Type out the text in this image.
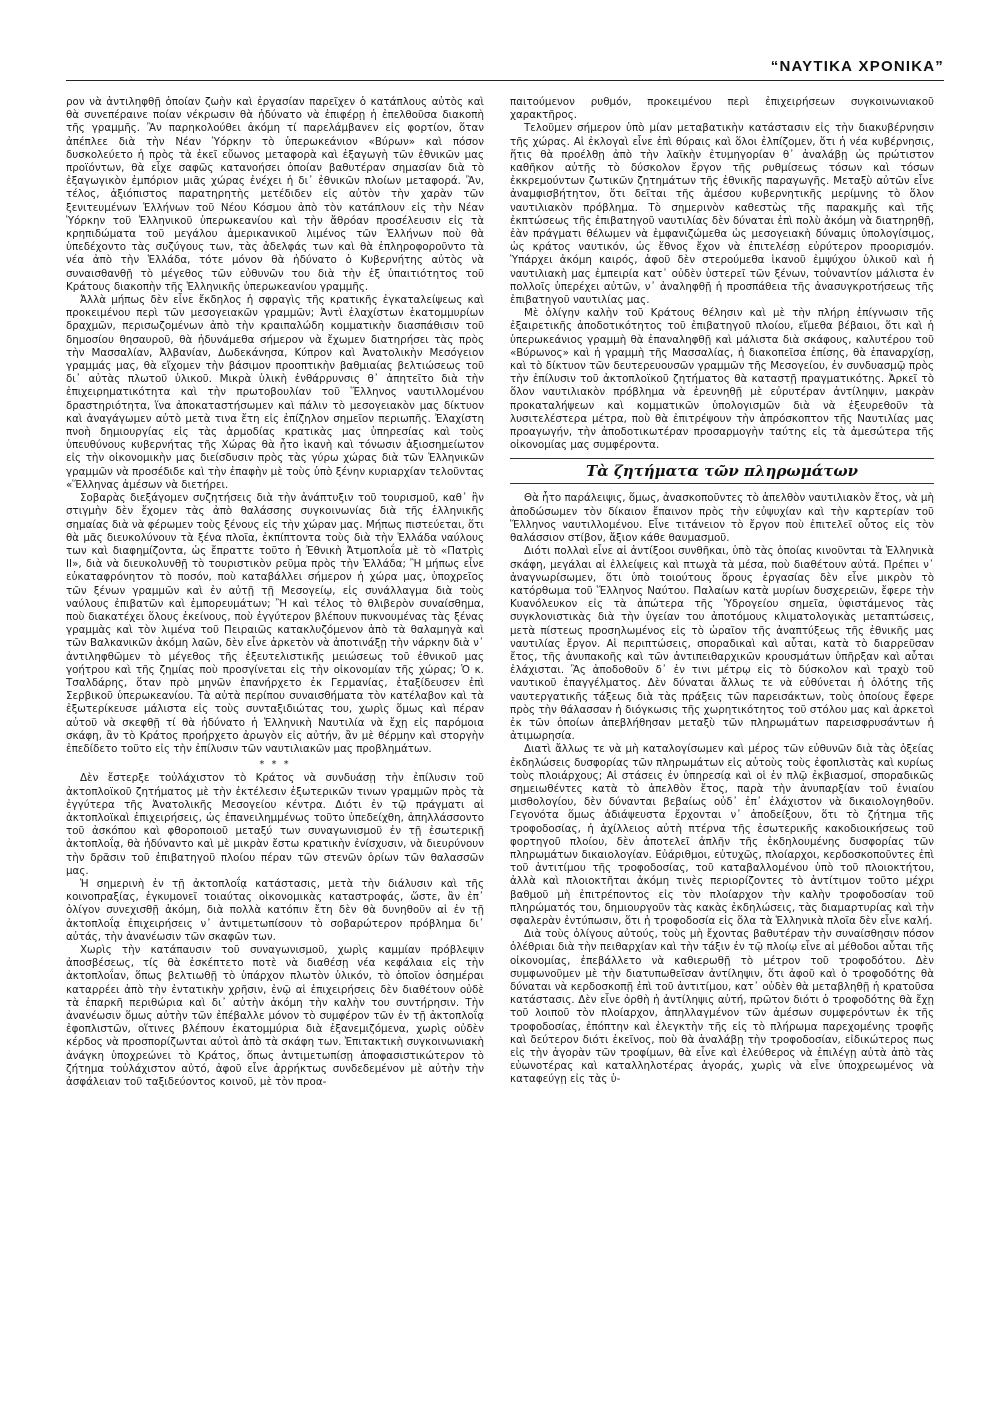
“ΝΑΥΤΙΚΑ ΧΡΟΝΙΚΑ”

ρον νὰ ἀντιληφθῇ ὁποίαν ζωὴν καὶ ἐργασίαν παρεῖχεν ὁ κατάπλους αὐτὸς καὶ θὰ συνεπέραινε ποίαν νέκρωσιν θὰ ἠδύνατο νὰ ἐπιφέρῃ ἡ ἐπελθοῦσα διακοπὴ τῆς γραμμῆς. Ἂν παρηκολούθει ἀκόμη τί παρελάμβανεν εἰς φορτίον, ὅταν ἀπέπλεε διὰ τὴν Νέαν Ὑόρκην τὸ ὑπερωκεάνιον «Βύρων» καὶ πόσον δυσκολεύετο ἡ πρὸς τὰ ἐκεῖ εὔωνος μεταφορὰ καὶ ἐξαγωγὴ τῶν ἐθνικῶν μας προϊόντων, θὰ εἶχε σαφῶς κατανοήσει ὁποίαν βαθυτέραν σημασίαν διὰ τὸ ἐξαγωγικὸν ἐμπόριον μιᾶς χώρας ἐνέχει ἡ δι᾽ ἐθνικῶν πλοίων μεταφορά. Ἂν, τέλος, ἀξιόπιστος παρατηρητὴς μετέδιδεν εἰς αὐτὸν τὴν χαρὰν τῶν ξενιτευμένων Ἑλλήνων τοῦ Νέου Κόσμου ἀπὸ τὸν κατάπλουν εἰς τὴν Νέαν Ὑόρκην τοῦ Ἑλληνικοῦ ὑπερωκεανίου καὶ τὴν ἄθρόαν προσέλευσιν εἰς τὰ κρηπιδώματα τοῦ μεγάλου ἀμερικανικοῦ λιμένος τῶν Ἑλλήνων ποὺ θὰ ὑπεδέχοντο τὰς συζύγους των, τὰς ἀδελφάς των καὶ θὰ ἐπληροφοροῦντο τὰ νέα ἀπὸ τὴν Ἑλλάδα, τότε μόνον θὰ ἠδύνατο ὁ Κυβερνήτης αὐτὸς νὰ συναισθανθῇ τὸ μέγεθος τῶν εὐθυνῶν του διὰ τὴν ἐξ ὑπαιτιότητος τοῦ Κράτους διακοπὴν τῆς Ἑλληνικῆς ὑπερωκεανίου γραμμῆς.

Ἀλλὰ μήπως δὲν εἶνε ἔκδηλος ἡ σφραγὶς τῆς κρατικῆς ἐγκαταλείψεως καὶ προκειμένου περὶ τῶν μεσογειακῶν γραμμῶν; Ἀντὶ ἐλαχίστων ἑκατομμυρίων δραχμῶν, περισωζομένων ἀπὸ τὴν κραιπαλώδη κομματικὴν διασπάθισιν τοῦ δημοσίου θησαυροῦ, θὰ ἠδυνάμεθα σήμερον νὰ ἔχωμεν διατηρήσει τὰς πρὸς τὴν Μασσαλίαν, Ἀλβανίαν, Δωδεκάνησα, Κύπρον καὶ Ἀνατολικὴν Μεσόγειον γραμμάς μας, θὰ εἴχομεν τὴν βάσιμον προοπτικὴν βαθμιαίας βελτιώσεως τοῦ δι᾽ αὐτὰς πλωτοῦ ὑλικοῦ. Μικρὰ ὑλικὴ ἐνθάρρυνσις θ᾽ ἀπητεῖτο διὰ τὴν ἐπιχειρηματικότητα καὶ τὴν πρωτοβουλίαν τοῦ Ἕλληνος ναυτιλλομένου δραστηριότητα, ἵνα ἀποκαταστήσωμεν καὶ πάλιν τὸ μεσογειακὸν μας δίκτυον καὶ ἀναγάγωμεν αὐτὸ μετὰ τινα ἔτη εἰς ἐπίζηλον σημεῖον περιωπῆς. Ἐλαχίστη πνοὴ δημιουργίας εἰς τὰς ἁρμοδίας κρατικὰς μας ὑπηρεσίας καὶ τοὺς ὑπευθύνους κυβερνήτας τῆς Χώρας θὰ ἦτο ἱκανὴ καὶ τόνωσιν ἀξιοσημείωτον εἰς τὴν οἰκονομικὴν μας διείσδυσιν πρὸς τὰς γύρω χώρας διὰ τῶν Ἑλληνικῶν γραμμῶν νὰ προσέδιδε καὶ τὴν ἐπαφὴν μὲ τοὺς ὑπὸ ξένην κυριαρχίαν τελοῦντας «Ἕλληνας ἀμέσων νὰ διετήρει.

Σοβαρὰς διεξάγομεν συζητήσεις διὰ τὴν ἀνάπτυξιν τοῦ τουρισμοῦ, καθ᾽ ἣν στιγμὴν δὲν ἔχομεν τὰς ἀπὸ θαλάσσης συγκοινωνίας διὰ τῆς ἑλληνικῆς σημαίας διὰ νὰ φέρωμεν τοὺς ξένους εἰς τὴν χώραν μας. Μήπως πιστεύεται, ὅτι θὰ μᾶς διευκολύνουν τὰ ξένα πλοῖα, ἐκπίπτοντα τοὺς διὰ τὴν Ἑλλάδα ναύλους των καὶ διαφημίζοντα, ὡς ἔπραττε τοῦτο ἡ Ἐθνικὴ Ἀτμοπλοΐα μὲ τὸ «Πατρὶς ΙΙ», διὰ νὰ διευκολυνθῇ τὸ τουριστικὸν ρεῦμα πρὸς τὴν Ἑλλάδα; Ἢ μήπως εἶνε εὐκαταφρόνητον τὸ ποσόν, ποὺ καταβάλλει σήμερον ἡ χώρα μας, ὑποχρεῖος τῶν ξένων γραμμῶν καὶ ἐν αὐτῇ τῇ Μεσογείῳ, εἰς συνάλλαγμα διὰ τοὺς ναύλους ἐπιβατῶν καὶ ἐμπορευμάτων; Ἢ καὶ τέλος τὸ θλιβερὸν συναίσθημα, ποὺ διακατέχει ὅλους ἐκείνους, ποὺ ἐγγύτερον βλέπουν πυκνουμένας τὰς ξένας γραμμὰς καὶ τὸν λιμένα τοῦ Πειραιῶς κατακλυζόμενον ἀπὸ τὰ θαλαμηγὰ καὶ τῶν Βαλκανικῶν ἀκόμη λαῶν, δὲν εἶνε ἀρκετὸν νὰ ἀποτινάξῃ τὴν νάρκην διὰ ν᾽ ἀντιληφθῶμεν τὸ μέγεθος τῆς ἐξευτελιστικῆς μειώσεως τοῦ ἐθνικοῦ μας γοήτρου καὶ τῆς ζημίας ποὺ προσγίνεται εἰς τὴν οἰκονομίαν τῆς χώρας; Ὁ κ. Τσαλδάρης, ὅταν πρὸ μηνῶν ἐπανήρχετο ἐκ Γερμανίας, ἐταξίδευσεν ἐπὶ Σερβικοῦ ὑπερωκεανίου. Τὰ αὐτὰ περίπου συναισθήματα τὸν κατέλαβον καὶ τὰ ἐξωτερίκευσε μάλιστα εἰς τοὺς συνταξιδιώτας του, χωρὶς ὅμως καὶ πέραν αὐτοῦ νὰ σκεφθῇ τί θὰ ἠδύνατο ἡ Ἑλληνικὴ Ναυτιλία νὰ ἔχῃ εἰς παρόμοια σκάφη, ἂν τὸ Κράτος προήρχετο ἀρωγὸν εἰς αὐτήν, ἂν μὲ θέρμην καὶ στοργὴν ἐπεδίδετο τοῦτο εἰς τὴν ἐπίλυσιν τῶν ναυτιλιακῶν μας προβλημάτων.

* * *

Δὲν ἔστερξε τοὐλάχιστον τὸ Κράτος νὰ συνδυάσῃ τὴν ἐπίλυσιν τοῦ ἀκτοπλοϊκοῦ ζητήματος μὲ τὴν ἐκτέλεσιν ἐξωτερικῶν τινων γραμμῶν πρὸς τὰ ἐγγύτερα τῆς Ἀνατολικῆς Μεσογείου κέντρα. Διότι ἐν τῷ πράγματι αἱ ἀκτοπλοϊκαὶ ἐπιχειρήσεις, ὡς ἐπανειλημμένως τοῦτο ὑπεδείχθη, ἀπηλλάσσοντο τοῦ ἀσκόπου καὶ φθοροποιοῦ μεταξύ των συναγωνισμοῦ ἐν τῇ ἐσωτερικῇ ἀκτοπλοΐᾳ, θὰ ἠδύναντο καὶ μὲ μικρὰν ἔστω κρατικὴν ἐνίσχυσιν, νὰ διευρύνουν τὴν δρᾶσιν τοῦ ἐπιβατηγοῦ πλοίου πέραν τῶν στενῶν ὁρίων τῶν θαλασσῶν μας.

Ἡ σημερινὴ ἐν τῇ ἀκτοπλοΐᾳ κατάστασις, μετὰ τὴν διάλυσιν καὶ τῆς κοινοπραξίας, ἐγκυμονεῖ τοιαύτας οἰκονομικὰς καταστροφάς, ὥστε, ἂν ἐπ᾽ ὀλίγον συνεχισθῇ ἀκόμη, διὰ πολλὰ κατόπιν ἔτη δὲν θὰ δυνηθοῦν αἱ ἐν τῇ ἀκτοπλοΐᾳ ἐπιχειρήσεις ν᾽ ἀντιμετωπίσουν τὸ σοβαρώτερον πρόβλημα δι᾽ αὐτάς, τὴν ἀνανέωσιν τῶν σκαφῶν των.

Χωρὶς τὴν κατάπαυσιν τοῦ συναγωνισμοῦ, χωρὶς καμμίαν πρόβλεψιν ἀποσβέσεως, τίς θὰ ἐσκέπτετο ποτὲ νὰ διαθέσῃ νέα κεφάλαια εἰς τὴν ἀκτοπλοΐαν, ὅπως βελτιωθῇ τὸ ὑπάρχον πλωτὸν ὑλικόν, τὸ ὁποῖον ὁσημέραι καταρρέει ἀπὸ τὴν ἐντατικὴν χρῆσιν, ἐνῷ αἱ ἐπιχειρήσεις δὲν διαθέτουν οὐδὲ τὰ ἐπαρκῆ περιθώρια καὶ δι᾽ αὐτὴν ἀκόμη τὴν καλὴν του συντήρησιν. Τὴν ἀνανέωσιν ὅμως αὐτὴν τῶν ἐπέβαλλε μόνον τὸ συμφέρον τῶν ἐν τῇ ἀκτοπλοΐᾳ ἐφοπλιστῶν, οἵτινες βλέπουν ἑκατομμύρια διὰ ἐξανεμιζόμενα, χωρὶς οὐδὲν κέρδος νὰ προσπορίζωνται αὐτοὶ ἀπὸ τὰ σκάφη των. Ἐπιτακτικὴ συγκοινωνιακὴ ἀνάγκη ὑποχρεώνει τὸ Κράτος, ὅπως ἀντιμετωπίσῃ ἀποφασιστικώτερον τὸ ζήτημα τοὐλάχιστον αὐτό, ἀφοῦ εἶνε ἀρρήκτως συνδεδεμένον μὲ αὐτὴν τὴν ἀσφάλειαν τοῦ ταξιδεύοντος κοινοῦ, μὲ τὸν προα-

παιτούμενον ρυθμόν, προκειμένου περὶ ἐπιχειρήσεων συγκοινωνιακοῦ χαρακτῆρος.

Τελοῦμεν σήμερον ὑπὸ μίαν μεταβατικὴν κατάστασιν εἰς τὴν διακυβέρνησιν τῆς χώρας. Αἱ ἐκλογαὶ εἶνε ἐπὶ θύραις καὶ ὅλοι ἐλπίζομεν, ὅτι ἡ νέα κυβέρνησις, ἥτις θὰ προέλθῃ ἀπὸ τὴν λαϊκὴν ἐτυμηγορίαν θ᾽ ἀναλάβῃ ὡς πρώτιστον καθῆκον αὐτῆς τὸ δύσκολον ἔργον τῆς ρυθμίσεως τόσων καὶ τόσων ἐκκρεμούντων ζωτικῶν ζητημάτων τῆς ἐθνικῆς παραγωγῆς. Μεταξὺ αὐτῶν εἶνε ἀναμφισβήτητον, ὅτι δεῖται τῆς ἀμέσου κυβερνητικῆς μερίμνης τὸ ὅλον ναυτιλιακὸν πρόβλημα. Τὸ σημερινὸν καθεστὼς τῆς παρακμῆς καὶ τῆς ἐκπτώσεως τῆς ἐπιβατηγοῦ ναυτιλίας δὲν δύναται ἐπὶ πολὺ ἀκόμη νὰ διατηρηθῇ, ἐὰν πράγματι θέλωμεν νὰ ἐμφανιζώμεθα ὡς μεσογειακὴ δύναμις ὑπολογίσιμος, ὡς κράτος ναυτικόν, ὡς ἔθνος ἔχον νὰ ἐπιτελέσῃ εὐρύτερον προορισμόν. Ὑπάρχει ἀκόμη καιρός, ἀφοῦ δὲν στερούμεθα ἱκανοῦ ἐμψύχου ὑλικοῦ καὶ ἡ ναυτιλιακὴ μας ἐμπειρία κατ᾽ οὐδὲν ὑστερεῖ τῶν ξένων, τοὐναντίον μάλιστα ἐν πολλοῖς ὑπερέχει αὐτῶν, ν᾽ ἀναληφθῇ ἡ προσπάθεια τῆς ἀνασυγκροτήσεως τῆς ἐπιβατηγοῦ ναυτιλίας μας.

Μὲ ὀλίγην καλὴν τοῦ Κράτους θέλησιν καὶ μὲ τὴν πλήρη ἐπίγνωσιν τῆς ἐξαιρετικῆς ἀποδοτικότητος τοῦ ἐπιβατηγοῦ πλοίου, εἴμεθα βέβαιοι, ὅτι καὶ ἡ ὑπερωκεάνιος γραμμὴ θὰ ἐπαναληφθῇ καὶ μάλιστα διὰ σκάφους, καλυτέρου τοῦ «Βύρωνος» καὶ ἡ γραμμὴ τῆς Μασσαλίας, ἡ διακοπεῖσα ἐπίσης, θὰ ἐπαναρχίσῃ, καὶ τὸ δίκτυον τῶν δευτερευουσῶν γραμμῶν τῆς Μεσογείου, ἐν συνδυασμῷ πρὸς τὴν ἐπίλυσιν τοῦ ἀκτοπλοϊκοῦ ζητήματος θὰ καταστῇ πραγματικότης. Ἀρκεῖ τὸ ὅλον ναυτιλιακὸν πρόβλημα νὰ ἐρευνηθῇ μὲ εὐρυτέραν ἀντίληψιν, μακρὰν προκαταλήψεων καὶ κομματικῶν ὑπολογισμῶν διὰ νὰ ἐξευρεθοῦν τὰ λυσιτελέστερα μέτρα, ποὺ θὰ ἐπιτρέψουν τὴν ἀπρόσκοπτον τῆς Ναυτιλίας μας προαγωγήν, τὴν ἀποδοτικωτέραν προσαρμογὴν ταύτης εἰς τὰ ἀμεσώτερα τῆς οἰκονομίας μας συμφέροντα.

Τὰ ζητήματα τῶν πληρωμάτων

Θὰ ἦτο παράλειψις, ὅμως, ἀνασκοποῦντες τὸ ἀπελθὸν ναυτιλιακὸν ἔτος, νὰ μὴ ἀποδώσωμεν τὸν δίκαιον ἔπαινον πρὸς τὴν εὐψυχίαν καὶ τὴν καρτερίαν τοῦ Ἕλληνος ναυτιλλομένου. Εἶνε τιτάνειον τὸ ἔργον ποὺ ἐπιτελεῖ οὗτος εἰς τὸν θαλάσσιον στίβον, ἄξιον κάθε θαυμασμοῦ.

Διότι πολλαὶ εἶνε αἱ ἀντίξοοι συνθῆκαι, ὑπὸ τὰς ὁποίας κινοῦνται τὰ Ἑλληνικὰ σκάφη, μεγάλαι αἱ ἐλλείψεις καὶ πτωχὰ τὰ μέσα, ποὺ διαθέτουν αὐτά. Πρέπει ν᾽ ἀναγνωρίσωμεν, ὅτι ὑπὸ τοιούτους ὅρους ἐργασίας δὲν εἶνε μικρὸν τὸ κατόρθωμα τοῦ Ἕλληνος Ναύτου. Παλαίων κατὰ μυρίων δυσχερειῶν, ἔφερε τὴν Κυανόλευκον εἰς τὰ ἀπώτερα τῆς Ὑδρογείου σημεῖα, ὑφιστάμενος τὰς συγκλονιστικὰς διὰ τὴν ὑγείαν του ἀποτόμους κλιματολογικὰς μεταπτώσεις, μετὰ πίστεως προσηλωμένος εἰς τὸ ὡραῖον τῆς ἀναπτύξεως τῆς ἐθνικῆς μας ναυτιλίας ἔργον. Αἱ περιπτώσεις, σποραδικαὶ καὶ αὗται, κατὰ τὸ διαρρεῦσαν ἔτος, τῆς ἀνυπακοῆς καὶ τῶν ἀντιπειθαρχικῶν κρουσμάτων ὑπῆρξαν καὶ αὗται ἐλάχισται. Ἂς ἀποδοθοῦν δ᾽ ἐν τινι μέτρῳ εἰς τὸ δύσκολον καὶ τραχὺ τοῦ ναυτικοῦ ἐπαγγέλματος. Δὲν δύναται ἄλλως τε νὰ εὐθύνεται ἡ ὁλότης τῆς ναυτεργατικῆς τάξεως διὰ τὰς πράξεις τῶν παρεισάκτων, τοὺς ὁποίους ἔφερε πρὸς τὴν θάλασσαν ἡ διόγκωσις τῆς χωρητικότητος τοῦ στόλου μας καὶ ἀρκετοὶ ἐκ τῶν ὁποίων ἀπεβλήθησαν μεταξὺ τῶν πληρωμάτων παρεισφρυσάντων ἡ ἀτιμωρησία.

Διατὶ ἄλλως τε νὰ μὴ καταλογίσωμεν καὶ μέρος τῶν εὐθυνῶν διὰ τὰς ὀξείας ἐκδηλώσεις δυσφορίας τῶν πληρωμάτων εἰς αὐτοὺς τοὺς ἐφοπλιστὰς καὶ κυρίως τοὺς πλοιάρχους; Αἱ στάσεις ἐν ὑπηρεσίᾳ καὶ οἱ ἐν πλῷ ἐκβιασμοί, σποραδικῶς σημειωθέντες κατὰ τὸ ἀπελθὸν ἔτος, παρὰ τὴν ἀνυπαρξίαν τοῦ ἑνιαίου μισθολογίου, δὲν δύνανται βεβαίως οὐδ᾽ ἐπ᾽ ἐλάχιστον νὰ δικαιολογηθοῦν. Γεγονότα ὅμως ἀδιάψευστα ἔρχονται ν᾽ ἀποδείξουν, ὅτι τὸ ζήτημα τῆς τροφοδοσίας, ἡ ἀχίλλειος αὐτὴ πτέρνα τῆς ἐσωτερικῆς κακοδιοικήσεως τοῦ φορτηγοῦ πλοίου, δὲν ἀποτελεῖ ἀπλῆν τῆς ἐκδηλουμένης δυσφορίας τῶν πληρωμάτων δικαιολογίαν. Εὐάριθμοι, εὐτυχῶς, πλοίαρχοι, κερδοσκοποῦντες ἐπὶ τοῦ ἀντιτίμου τῆς τροφοδοσίας, τοῦ καταβαλλομένου ὑπὸ τοῦ πλοιοκτήτου, ἀλλὰ καὶ πλοιοκτῆται ἀκόμη τινὲς περιορίζοντες τὸ ἀντίτιμον τοῦτο μέχρι βαθμοῦ μὴ ἐπιτρέποντος εἰς τὸν πλοίαρχον τὴν καλὴν τροφοδοσίαν τοῦ πληρώματός του, δημιουργοῦν τὰς κακὰς ἐκδηλώσεις, τὰς διαμαρτυρίας καὶ τὴν σφαλερὰν ἐντύπωσιν, ὅτι ἡ τροφοδοσία εἰς ὅλα τὰ Ἑλληνικὰ πλοῖα δὲν εἶνε καλή.

Διὰ τοὺς ὀλίγους αὐτούς, τοὺς μὴ ἔχοντας βαθυτέραν τὴν συναίσθησιν πόσον ὀλέθριαι διὰ τὴν πειθαρχίαν καὶ τὴν τάξιν ἐν τῷ πλοίῳ εἶνε αἱ μέθοδοι αὗται τῆς οἰκονομίας, ἐπεβάλλετο νὰ καθιερωθῇ τὸ μέτρον τοῦ τροφοδότου. Δὲν συμφωνοῦμεν μὲ τὴν διατυπωθεῖσαν ἀντίληψιν, ὅτι ἀφοῦ καὶ ὁ τροφοδότης θὰ δύναται νὰ κερδοσκοπῇ ἐπὶ τοῦ ἀντιτίμου, κατ᾽ οὐδὲν θὰ μεταβληθῇ ἡ κρατοῦσα κατάστασις. Δὲν εἶνε ὀρθὴ ἡ ἀντίληψις αὐτή, πρῶτον διότι ὁ τροφοδότης θὰ ἔχῃ τοῦ λοιποῦ τὸν πλοίαρχον, ἀπηλλαγμένον τῶν ἀμέσων συμφερόντων ἐκ τῆς τροφοδοσίας, ἐπόπτην καὶ ἐλεγκτὴν τῆς εἰς τὸ πλήρωμα παρεχομένης τροφῆς καὶ δεύτερον διότι ἐκεῖνος, ποὺ θὰ ἀναλάβῃ τὴν τροφοδοσίαν, εἰδικώτερος πως εἰς τὴν ἀγορὰν τῶν τροφίμων, θὰ εἶνε καὶ ἐλεύθερος νὰ ἐπιλέγῃ αὐτὰ ἀπὸ τὰς εὐωνοτέρας καὶ καταλληλοτέρας ἀγοράς, χωρὶς νὰ εἶνε ὑποχρεωμένος νὰ καταφεύγῃ εἰς τὰς ὑ-
